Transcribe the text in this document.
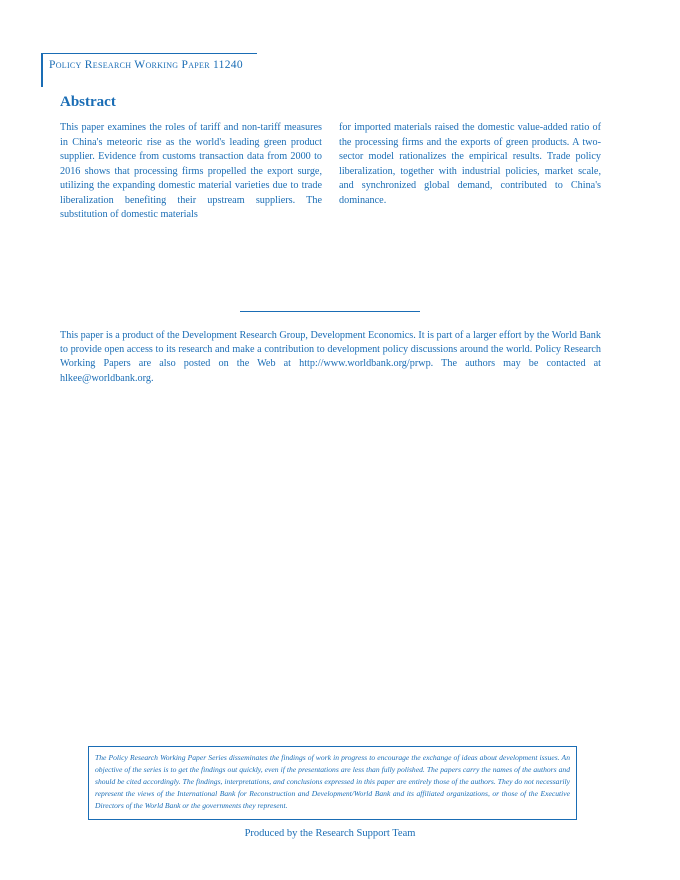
Policy Research Working Paper 11240
Abstract

This paper examines the roles of tariff and non-tariff measures in China's meteoric rise as the world's leading green product supplier. Evidence from customs transaction data from 2000 to 2016 shows that processing firms propelled the export surge, utilizing the expanding domestic material varieties due to trade liberalization benefiting their upstream suppliers. The substitution of domestic materials

for imported materials raised the domestic value-added ratio of the processing firms and the exports of green products. A two-sector model rationalizes the empirical results. Trade policy liberalization, together with industrial policies, market scale, and synchronized global demand, contributed to China's dominance.

This paper is a product of the Development Research Group, Development Economics. It is part of a larger effort by the World Bank to provide open access to its research and make a contribution to development policy discussions around the world. Policy Research Working Papers are also posted on the Web at http://www.worldbank.org/prwp. The authors may be contacted at hlkee@worldbank.org.

The Policy Research Working Paper Series disseminates the findings of work in progress to encourage the exchange of ideas about development issues. An objective of the series is to get the findings out quickly, even if the presentations are less than fully polished. The papers carry the names of the authors and should be cited accordingly. The findings, interpretations, and conclusions expressed in this paper are entirely those of the authors. They do not necessarily represent the views of the International Bank for Reconstruction and Development/World Bank and its affiliated organizations, or those of the Executive Directors of the World Bank or the governments they represent.

Produced by the Research Support Team
